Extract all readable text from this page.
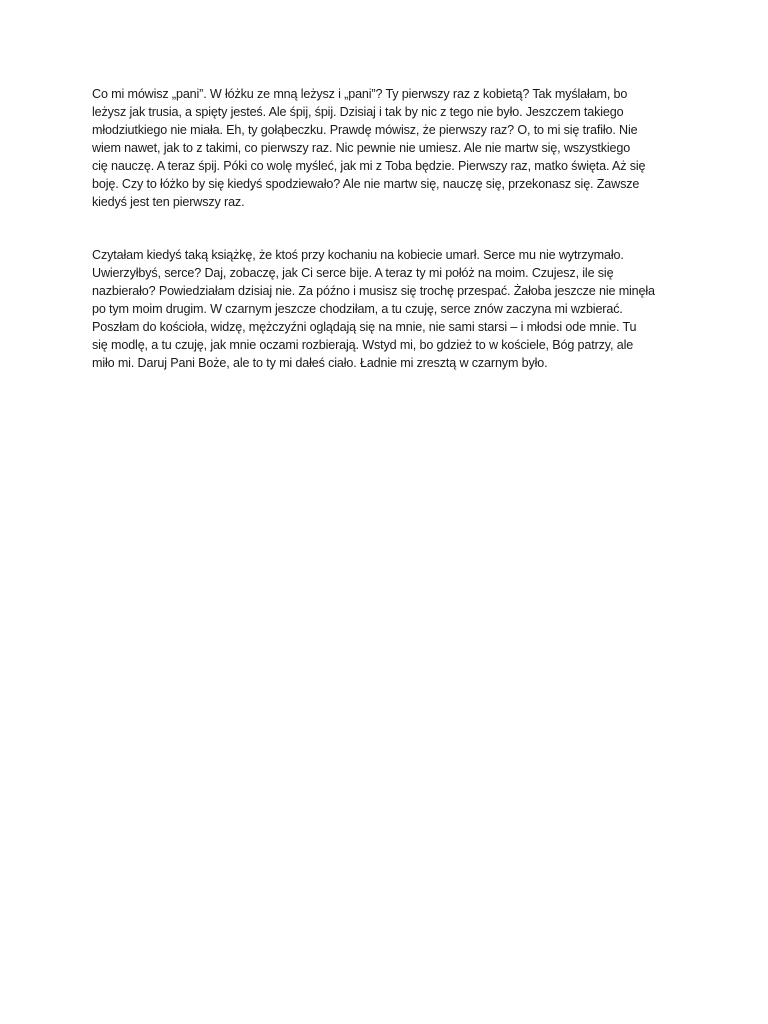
Co mi mówisz „pani”. W łóżku ze mną leżysz i „pani”? Ty pierwszy raz z kobietą? Tak myślałam, bo
leżysz jak trusia, a spięty jesteś. Ale śpij, śpij. Dzisiaj i tak by nic z tego nie było. Jeszczem takiego
młodziutkiego nie miała. Eh, ty gołąbeczku. Prawdę mówisz, że pierwszy raz? O, to mi się trafiło. Nie
wiem nawet, jak to z takimi, co pierwszy raz. Nic pewnie nie umiesz. Ale nie martw się, wszystkiego
cię nauczę. A teraz śpij. Póki co wolę myśleć, jak mi z Toba będzie. Pierwszy raz, matko święta. Aż się
boję. Czy to łóżko by się kiedyś spodziewało? Ale nie martw się, nauczę się, przekonasz się. Zawsze
kiedyś jest ten pierwszy raz.
Czytałam kiedyś taką książkę, że ktoś przy kochaniu na kobiecie umarł. Serce mu nie wytrzymało.
Uwierzyłbyś, serce? Daj, zobaczę, jak Ci serce bije. A teraz ty mi połóż na moim. Czujesz, ile się
nazbierało? Powiedziałam dzisiaj nie. Za późno i musisz się trochę przespać. Żałoba jeszcze nie minęła
po tym moim drugim. W czarnym jeszcze chodziłam, a tu czuję, serce znów zaczyna mi wzbierać.
Poszłam do kościoła, widzę, mężczyźni oglądają się na mnie, nie sami starsi – i młodsi ode mnie. Tu
się modlę, a tu czuję, jak mnie oczami rozbierają. Wstyd mi, bo gdzież to w kościele, Bóg patrzy, ale
miło mi. Daruj Pani Boże, ale to ty mi dałeś ciało. Ładnie mi zresztą w czarnym było.
